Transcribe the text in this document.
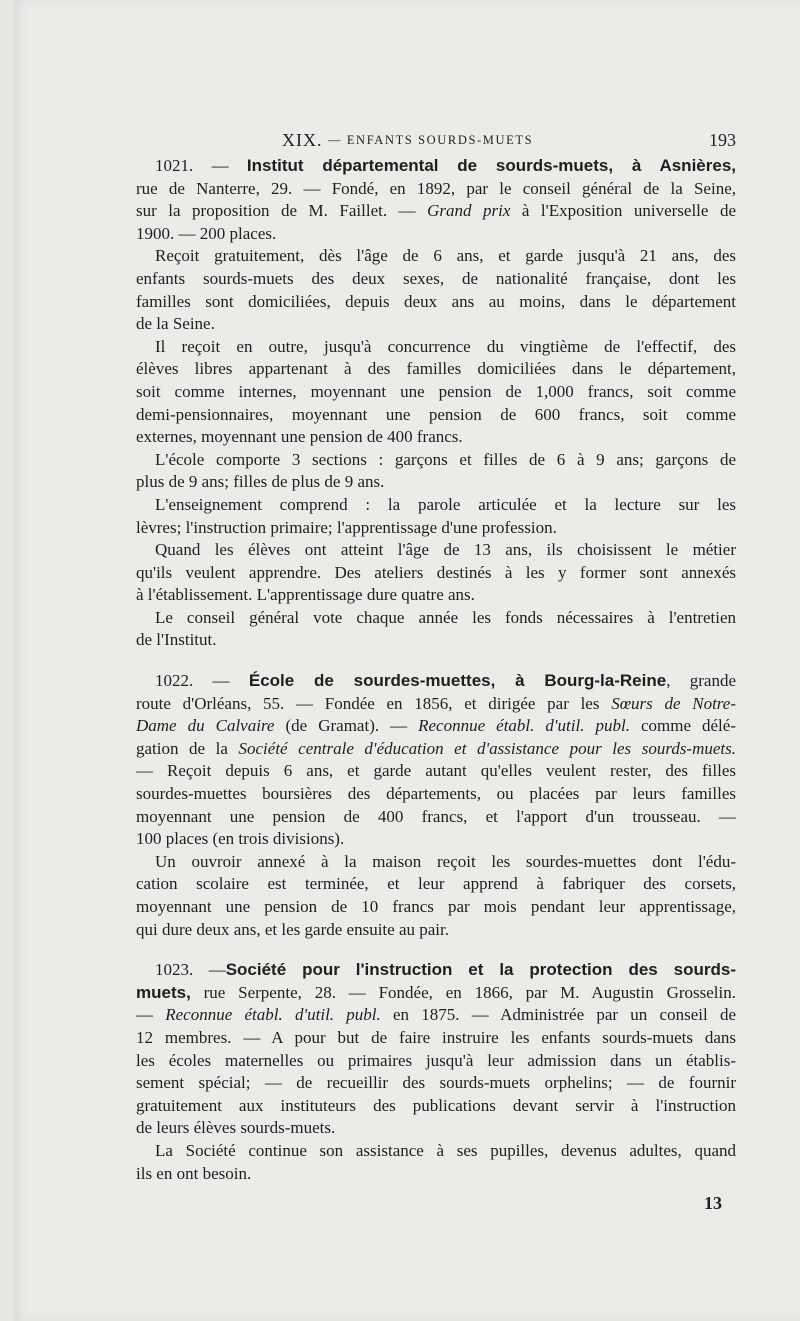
XIX. — ENFANTS SOURDS-MUETS	193
1021. — Institut départemental de sourds-muets, à Asnières,
rue de Nanterre, 29. — Fondé, en 1892, par le conseil général de la Seine,
sur la proposition de M. Faillet. — Grand prix à l'Exposition universelle de
1900. — 200 places.
Reçoit gratuitement, dès l'âge de 6 ans, et garde jusqu'à 21 ans, des
enfants sourds-muets des deux sexes, de nationalité française, dont les
familles sont domiciliées, depuis deux ans au moins, dans le département
de la Seine.
Il reçoit en outre, jusqu'à concurrence du vingtième de l'effectif, des
élèves libres appartenant à des familles domiciliées dans le département,
soit comme internes, moyennant une pension de 1,000 francs, soit comme
demi-pensionnaires, moyennant une pension de 600 francs, soit comme
externes, moyennant une pension de 400 francs.
L'école comporte 3 sections : garçons et filles de 6 à 9 ans; garçons de
plus de 9 ans; filles de plus de 9 ans.
L'enseignement comprend : la parole articulée et la lecture sur les
lèvres; l'instruction primaire; l'apprentissage d'une profession.
Quand les élèves ont atteint l'âge de 13 ans, ils choisissent le métier
qu'ils veulent apprendre. Des ateliers destinés à les y former sont annexés
à l'établissement. L'apprentissage dure quatre ans.
Le conseil général vote chaque année les fonds nécessaires à l'entretien
de l'Institut.
1022. — École de sourdes-muettes, à Bourg-la-Reine, grande
route d'Orléans, 55. — Fondée en 1856, et dirigée par les Sœurs de Notre-
Dame du Calvaire (de Gramat). — Reconnue établ. d'util. publ. comme délé-
gation de la Société centrale d'éducation et d'assistance pour les sourds-muets.
— Reçoit depuis 6 ans, et garde autant qu'elles veulent rester, des filles
sourdes-muettes boursières des départements, ou placées par leurs familles
moyennant une pension de 400 francs, et l'apport d'un trousseau. —
100 places (en trois divisions).
Un ouvroir annexé à la maison reçoit les sourdes-muettes dont l'édu-
cation scolaire est terminée, et leur apprend à fabriquer des corsets,
moyennant une pension de 10 francs par mois pendant leur apprentissage,
qui dure deux ans, et les garde ensuite au pair.
1023. —Société pour l'instruction et la protection des sourds-
muets, rue Serpente, 28. — Fondée, en 1866, par M. Augustin Grosselin.
— Reconnue établ. d'util. publ. en 1875. — Administrée par un conseil de
12 membres. — A pour but de faire instruire les enfants sourds-muets dans
les écoles maternelles ou primaires jusqu'à leur admission dans un établis-
sement spécial; — de recueillir des sourds-muets orphelins; — de fournir
gratuitement aux instituteurs des publications devant servir à l'instruction
de leurs élèves sourds-muets.
La Société continue son assistance à ses pupilles, devenus adultes, quand
ils en ont besoin.
13
